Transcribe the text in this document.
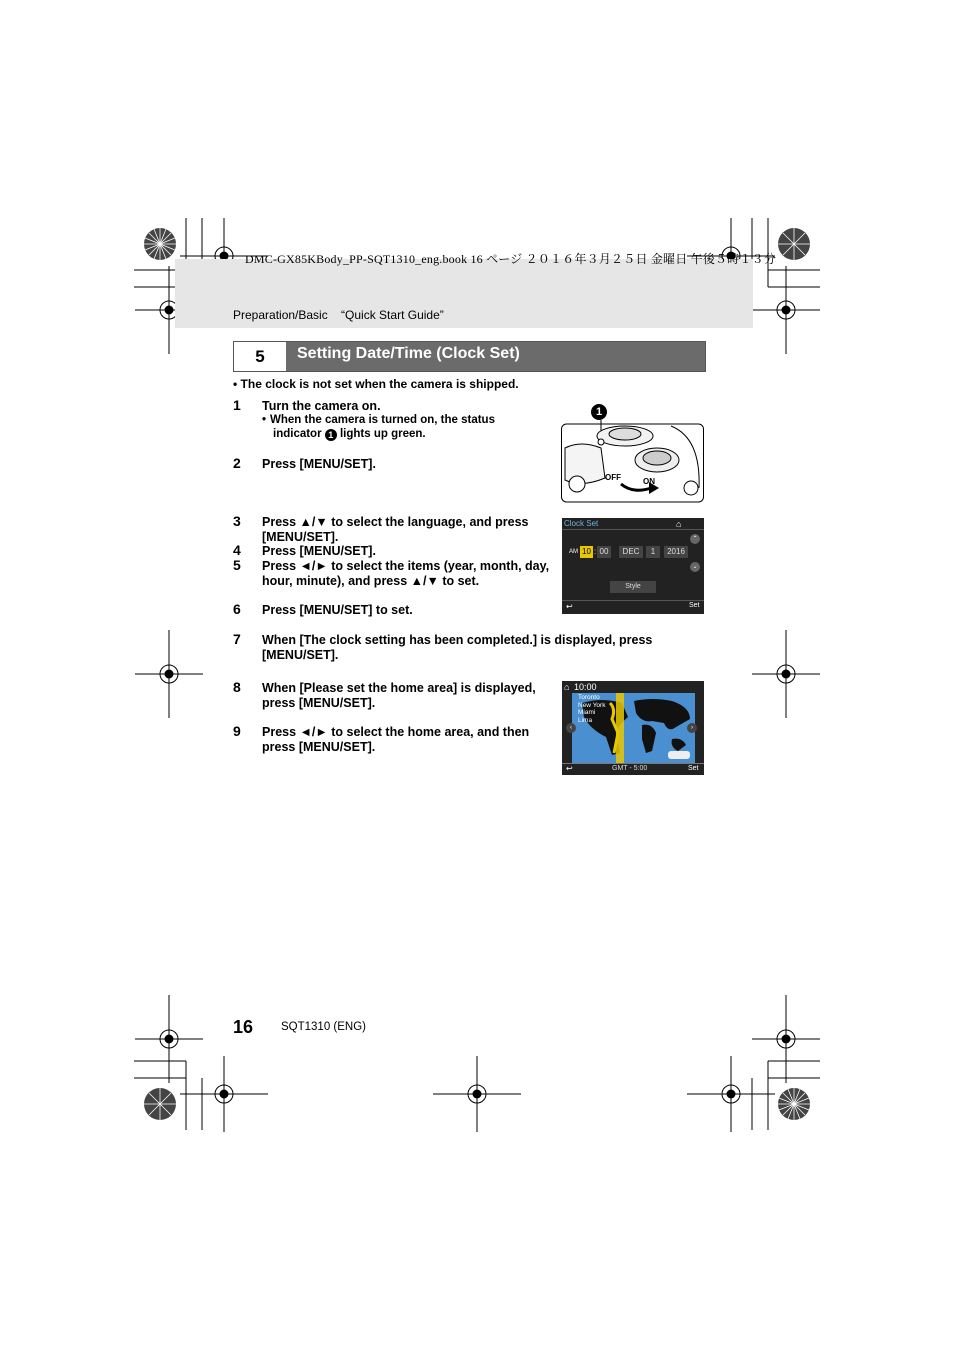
DMC-GX85KBody_PP-SQT1310_eng.book 16 ページ ２０１６年３月２５日 金曜日 午後５時１３分
Preparation/Basic    “Quick Start Guide”
5	Setting Date/Time (Clock Set)
• The clock is not set when the camera is shipped.
1 Turn the camera on.
• When the camera is turned on, the status
indicator 1 lights up green.
2 Press [MENU/SET].
3 Press ▲/▼ to select the language, and press [MENU/SET].
4 Press [MENU/SET].
5 Press ◄/► to select the items (year, month, day, hour, minute), and press ▲/▼ to set.
6 Press [MENU/SET] to set.
7 When [The clock setting has been completed.] is displayed, press [MENU/SET].
8 When [Please set the home area] is displayed, press [MENU/SET].
9 Press ◄/► to select the home area, and then press [MENU/SET].
1
OFF	ON
Clock Set	⌂
AM 10 : 00	DEC	1	2016
⌃
⌄
Style
↩	Set
⌂ 10:00
Toronto
New York
Miami
Lima
‹	›
↩	GMT - 5:00	Set
16 SQT1310 (ENG)
